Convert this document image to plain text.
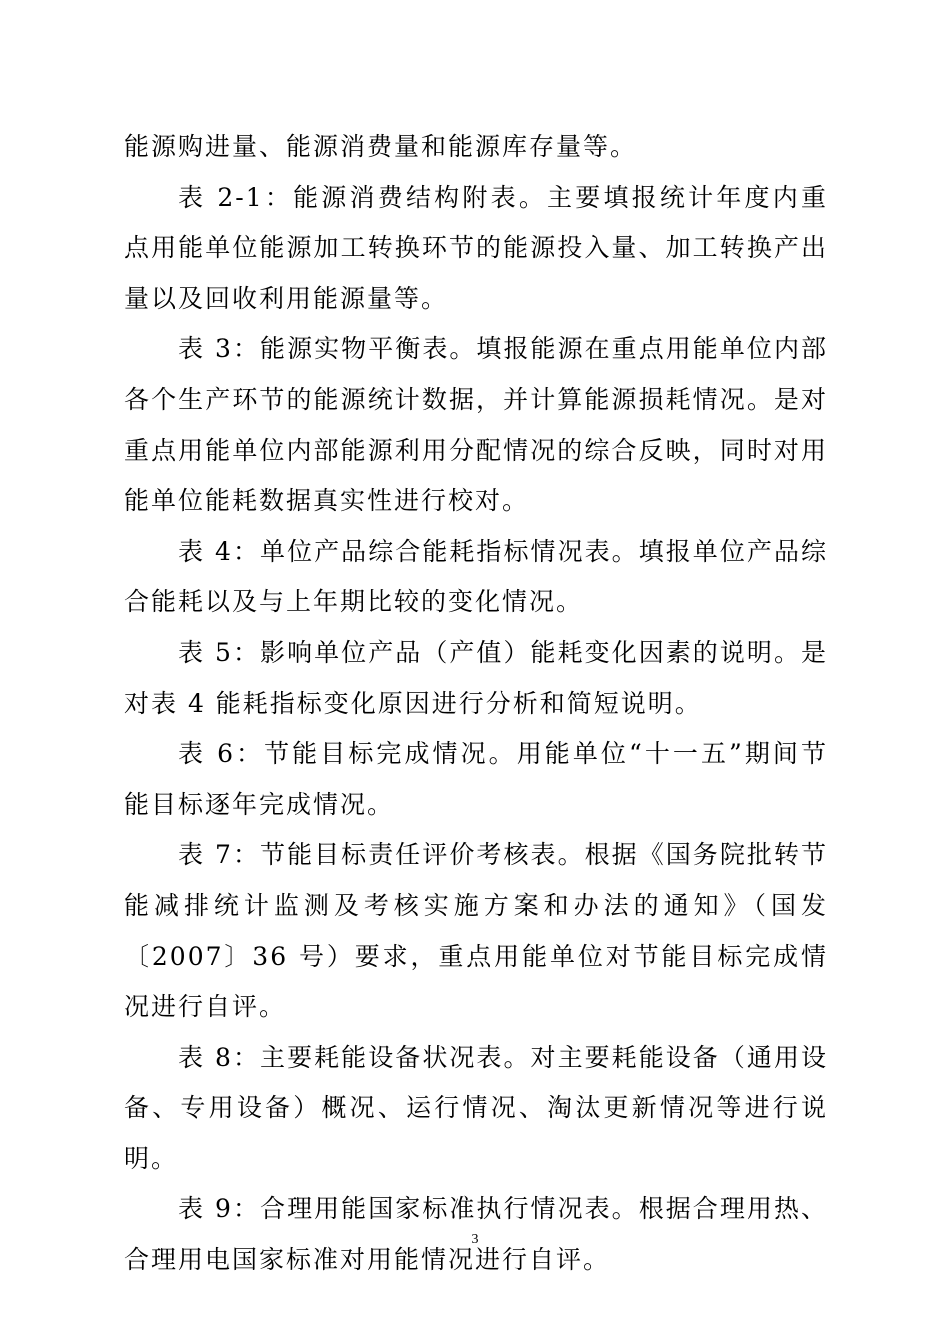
能源购进量、能源消费量和能源库存量等。

表 2-1：能源消费结构附表。主要填报统计年度内重点用能单位能源加工转换环节的能源投入量、加工转换产出量以及回收利用能源量等。

表 3：能源实物平衡表。填报能源在重点用能单位内部各个生产环节的能源统计数据，并计算能源损耗情况。是对重点用能单位内部能源利用分配情况的综合反映，同时对用能单位能耗数据真实性进行校对。

表 4：单位产品综合能耗指标情况表。填报单位产品综合能耗以及与上年期比较的变化情况。

表 5：影响单位产品（产值）能耗变化因素的说明。是对表 4 能耗指标变化原因进行分析和简短说明。

表 6：节能目标完成情况。用能单位“十一五”期间节能目标逐年完成情况。

表 7：节能目标责任评价考核表。根据《国务院批转节能减排统计监测及考核实施方案和办法的通知》（国发〔2007〕36 号）要求，重点用能单位对节能目标完成情况进行自评。

表 8：主要耗能设备状况表。对主要耗能设备（通用设备、专用设备）概况、运行情况、淘汰更新情况等进行说明。

表 9：合理用能国家标准执行情况表。根据合理用热、合理用电国家标准对用能情况进行自评。

3
